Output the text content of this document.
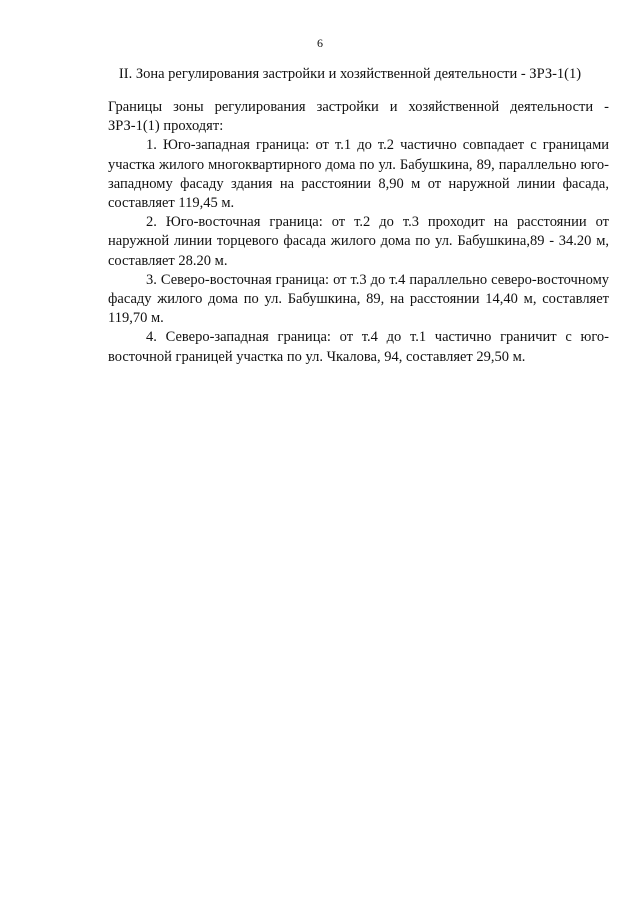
6
II. Зона регулирования застройки и хозяйственной деятельности - ЗРЗ-1(1)

Границы зоны регулирования застройки и хозяйственной деятельности - ЗРЗ-1(1) проходят:

1. Юго-западная граница: от т.1 до т.2 частично совпадает с границами участка жилого многоквартирного дома по ул. Бабушкина, 89, параллельно юго-западному фасаду здания на расстоянии 8,90 м от наружной линии фасада, составляет 119,45 м.

2. Юго-восточная граница: от т.2 до т.3 проходит на расстоянии от наружной линии торцевого фасада жилого дома по ул. Бабушкина,89 - 34.20 м, составляет 28.20 м.

3. Северо-восточная граница: от т.3 до т.4 параллельно северо-восточному фасаду жилого дома по ул. Бабушкина, 89, на расстоянии 14,40 м, составляет 119,70 м.

4. Северо-западная граница: от т.4 до т.1 частично граничит с юго-восточной границей участка по ул. Чкалова, 94, составляет 29,50 м.
